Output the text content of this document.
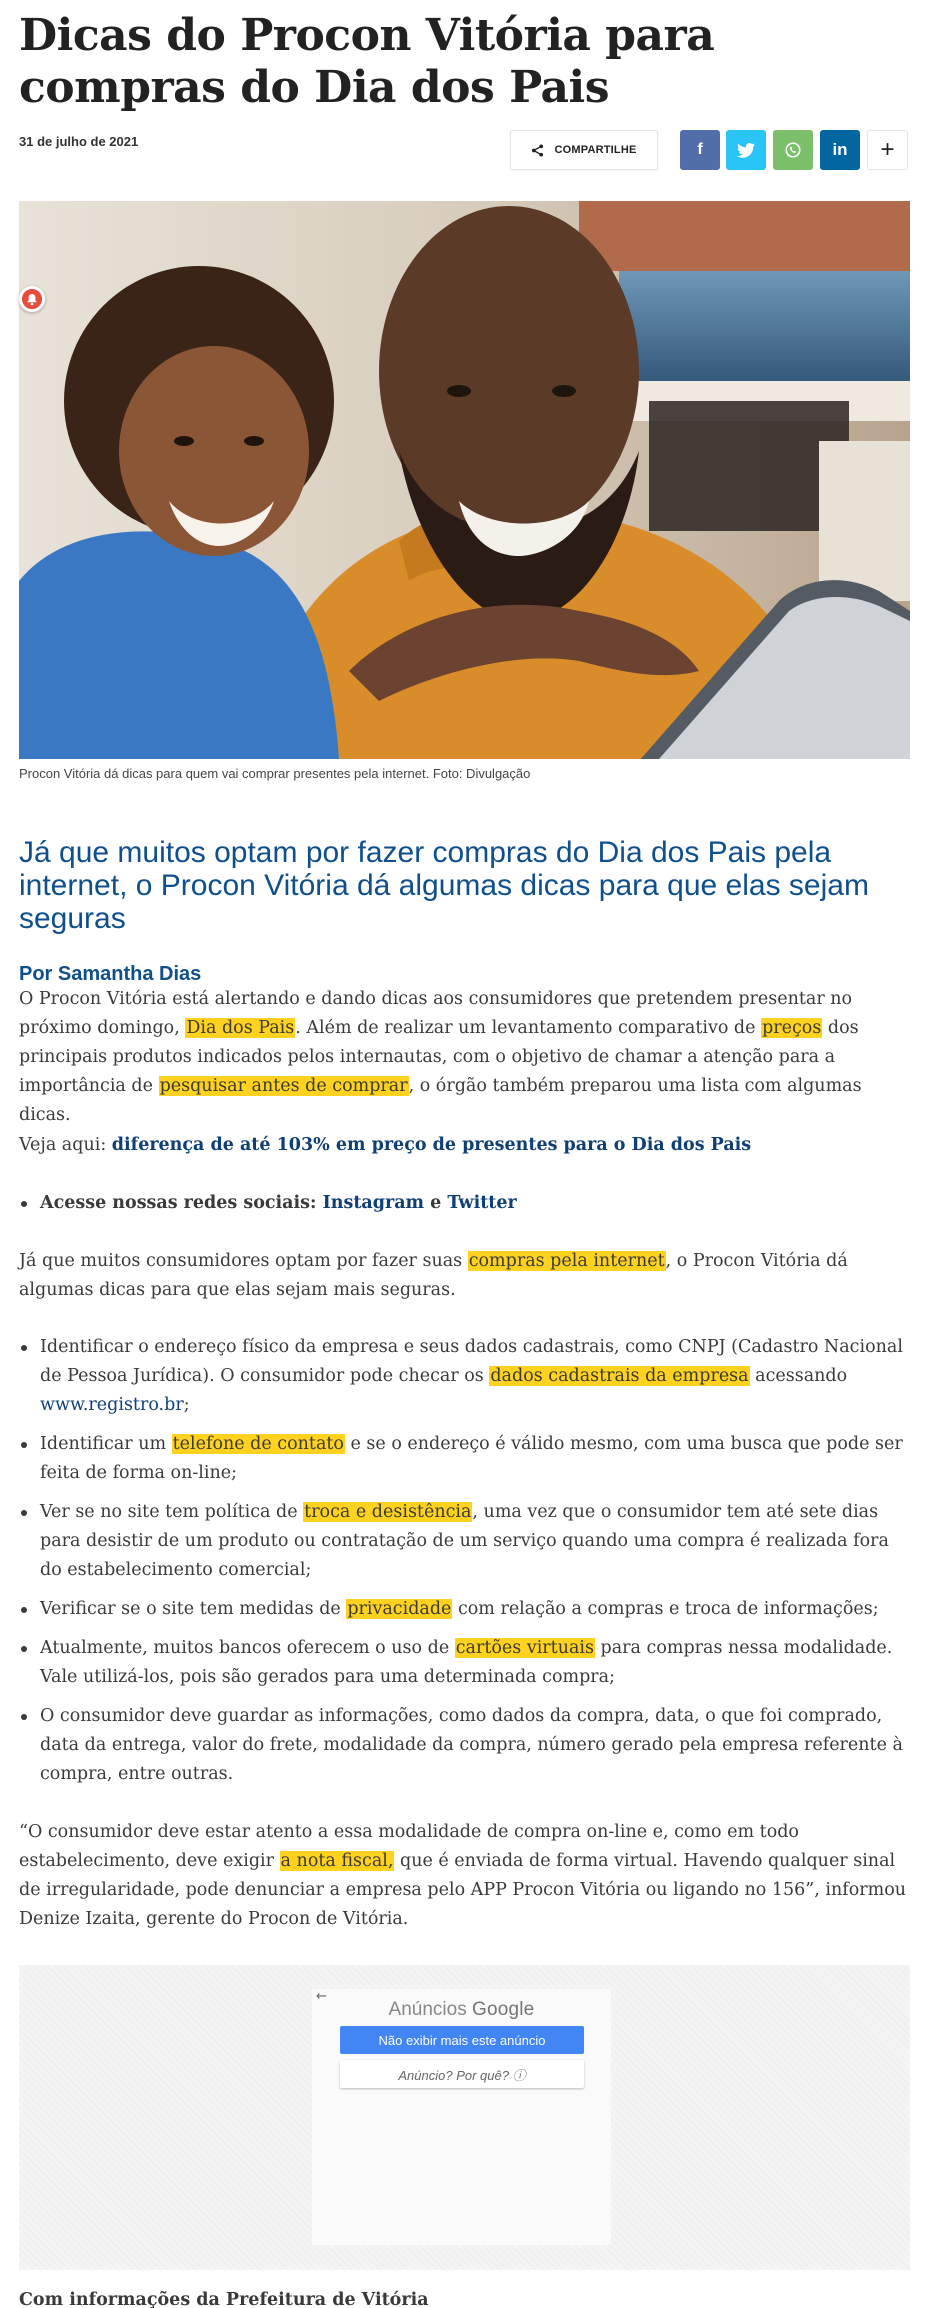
Dicas do Procon Vitória para compras do Dia dos Pais
31 de julho de 2021
COMPARTILHE	f	in +
Procon Vitória dá dicas para quem vai comprar presentes pela internet. Foto: Divulgação
Já que muitos optam por fazer compras do Dia dos Pais pela internet, o Procon Vitória dá algumas dicas para que elas sejam seguras
Por Samantha Dias
O Procon Vitória está alertando e dando dicas aos consumidores que pretendem presentar no próximo domingo, Dia dos Pais. Além de realizar um levantamento comparativo de preços dos principais produtos indicados pelos internautas, com o objetivo de chamar a atenção para a importância de pesquisar antes de comprar, o órgão também preparou uma lista com algumas dicas.
Veja aqui: diferença de até 103% em preço de presentes para o Dia dos Pais
Acesse nossas redes sociais: Instagram e Twitter
Já que muitos consumidores optam por fazer suas compras pela internet, o Procon Vitória dá algumas dicas para que elas sejam mais seguras.
Identificar o endereço físico da empresa e seus dados cadastrais, como CNPJ (Cadastro Nacional de Pessoa Jurídica). O consumidor pode checar os dados cadastrais da empresa acessando www.registro.br;
Identificar um telefone de contato e se o endereço é válido mesmo, com uma busca que pode ser feita de forma on-line;
Ver se no site tem política de troca e desistência, uma vez que o consumidor tem até sete dias para desistir de um produto ou contratação de um serviço quando uma compra é realizada fora do estabelecimento comercial;
Verificar se o site tem medidas de privacidade com relação a compras e troca de informações;
Atualmente, muitos bancos oferecem o uso de cartões virtuais para compras nessa modalidade. Vale utilizá-los, pois são gerados para uma determinada compra;
O consumidor deve guardar as informações, como dados da compra, data, o que foi comprado, data da entrega, valor do frete, modalidade da compra, número gerado pela empresa referente à compra, entre outras.
“O consumidor deve estar atento a essa modalidade de compra on-line e, como em todo estabelecimento, deve exigir a nota fiscal, que é enviada de forma virtual. Havendo qualquer sinal de irregularidade, pode denunciar a empresa pelo APP Procon Vitória ou ligando no 156”, informou Denize Izaita, gerente do Procon de Vitória.
←
Anúncios Google
Não exibir mais este anúncio
Anúncio? Por quê? ⓘ
Com informações da Prefeitura de Vitória
